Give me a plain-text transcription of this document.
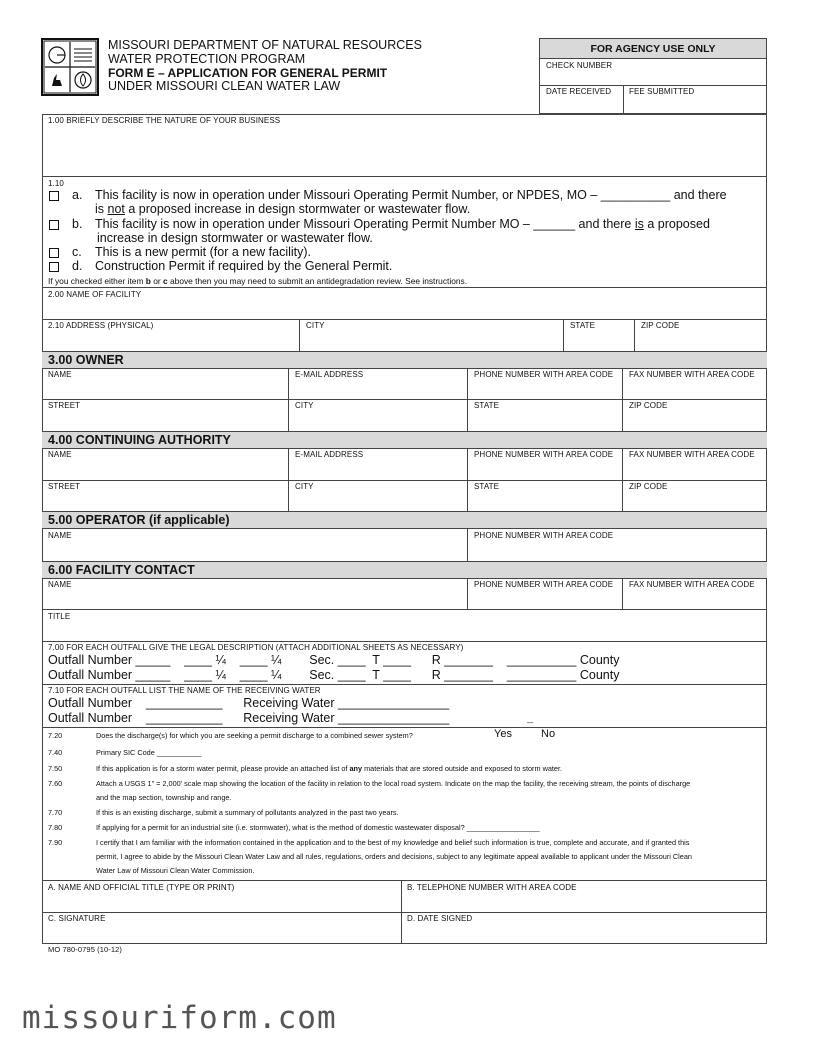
MISSOURI DEPARTMENT OF NATURAL RESOURCES
WATER PROTECTION PROGRAM
FORM E – APPLICATION FOR GENERAL PERMIT
UNDER MISSOURI CLEAN WATER LAW
FOR AGENCY USE ONLY
CHECK NUMBER
DATE RECEIVED FEE SUBMITTED
1.00 BRIEFLY DESCRIBE THE NATURE OF YOUR BUSINESS
1.10
a. This facility is now in operation under Missouri Operating Permit Number, or NPDES, MO – __________ and there
is not a proposed increase in design stormwater or wastewater flow.
b. This facility is now in operation under Missouri Operating Permit Number MO – ______ and there is a proposed
increase in design stormwater or wastewater flow.
c. This is a new permit (for a new facility).
d. Construction Permit if required by the General Permit.
If you checked either item b or c above then you may need to submit an antidegradation review. See instructions.
2.00 NAME OF FACILITY
2.10 ADDRESS (PHYSICAL)	CITY	STATE	ZIP CODE
3.00 OWNER
NAME	E-MAIL ADDRESS	PHONE NUMBER WITH AREA CODE FAX NUMBER WITH AREA CODE
STREET	CITY	STATE	ZIP CODE
4.00 CONTINUING AUTHORITY
NAME	E-MAIL ADDRESS	PHONE NUMBER WITH AREA CODE FAX NUMBER WITH AREA CODE
STREET	CITY	STATE	ZIP CODE
5.00 OPERATOR (if applicable)
NAME	PHONE NUMBER WITH AREA CODE
6.00 FACILITY CONTACT
NAME	PHONE NUMBER WITH AREA CODE FAX NUMBER WITH AREA CODE
TITLE
7.00 FOR EACH OUTFALL GIVE THE LEGAL DESCRIPTION (ATTACH ADDITIONAL SHEETS AS NECESSARY)
Outfall Number _____    ____ ¼    ____ ¼        Sec. ____  T ____      R _______    __________ County
Outfall Number _____    ____ ¼    ____ ¼        Sec. ____  T ____      R _______    __________ County
7.10 FOR EACH OUTFALL LIST THE NAME OF THE RECEIVING WATER
Outfall Number    ___________      Receiving Water ________________
Outfall Number    ___________      Receiving Water ________________
7.20	Does the discharge(s) for which you are seeking a permit discharge to a combined sewer system?	Yes ¯ No
7.40	Primary SIC Code ___________
7.50	If this application is for a storm water permit, please provide an attached list of any materials that are stored outside and exposed to storm water.
7.60	Attach a USGS 1" = 2,000' scale map showing the location of the facility in relation to the local road system. Indicate on the map the facility, the receiving stream, the points of discharge
and the map section, township and range.
7.70	If this is an existing discharge, submit a summary of pollutants analyzed in the past two years.
7.80	If applying for a permit for an industrial site (i.e. stormwater), what is the method of domestic wastewater disposal? __________________
7.90	I certify that I am familiar with the information contained in the application and to the best of my knowledge and belief such information is true, complete and accurate, and if granted this
permit, I agree to abide by the Missouri Clean Water Law and all rules, regulations, orders and decisions, subject to any legitimate appeal available to applicant under the Missouri Clean
Water Law of Missouri Clean Water Commission.
A. NAME AND OFFICIAL TITLE (TYPE OR PRINT)	B. TELEPHONE NUMBER WITH AREA CODE
C. SIGNATURE	D. DATE SIGNED
MO 780-0795 (10-12)
missouriform.com
